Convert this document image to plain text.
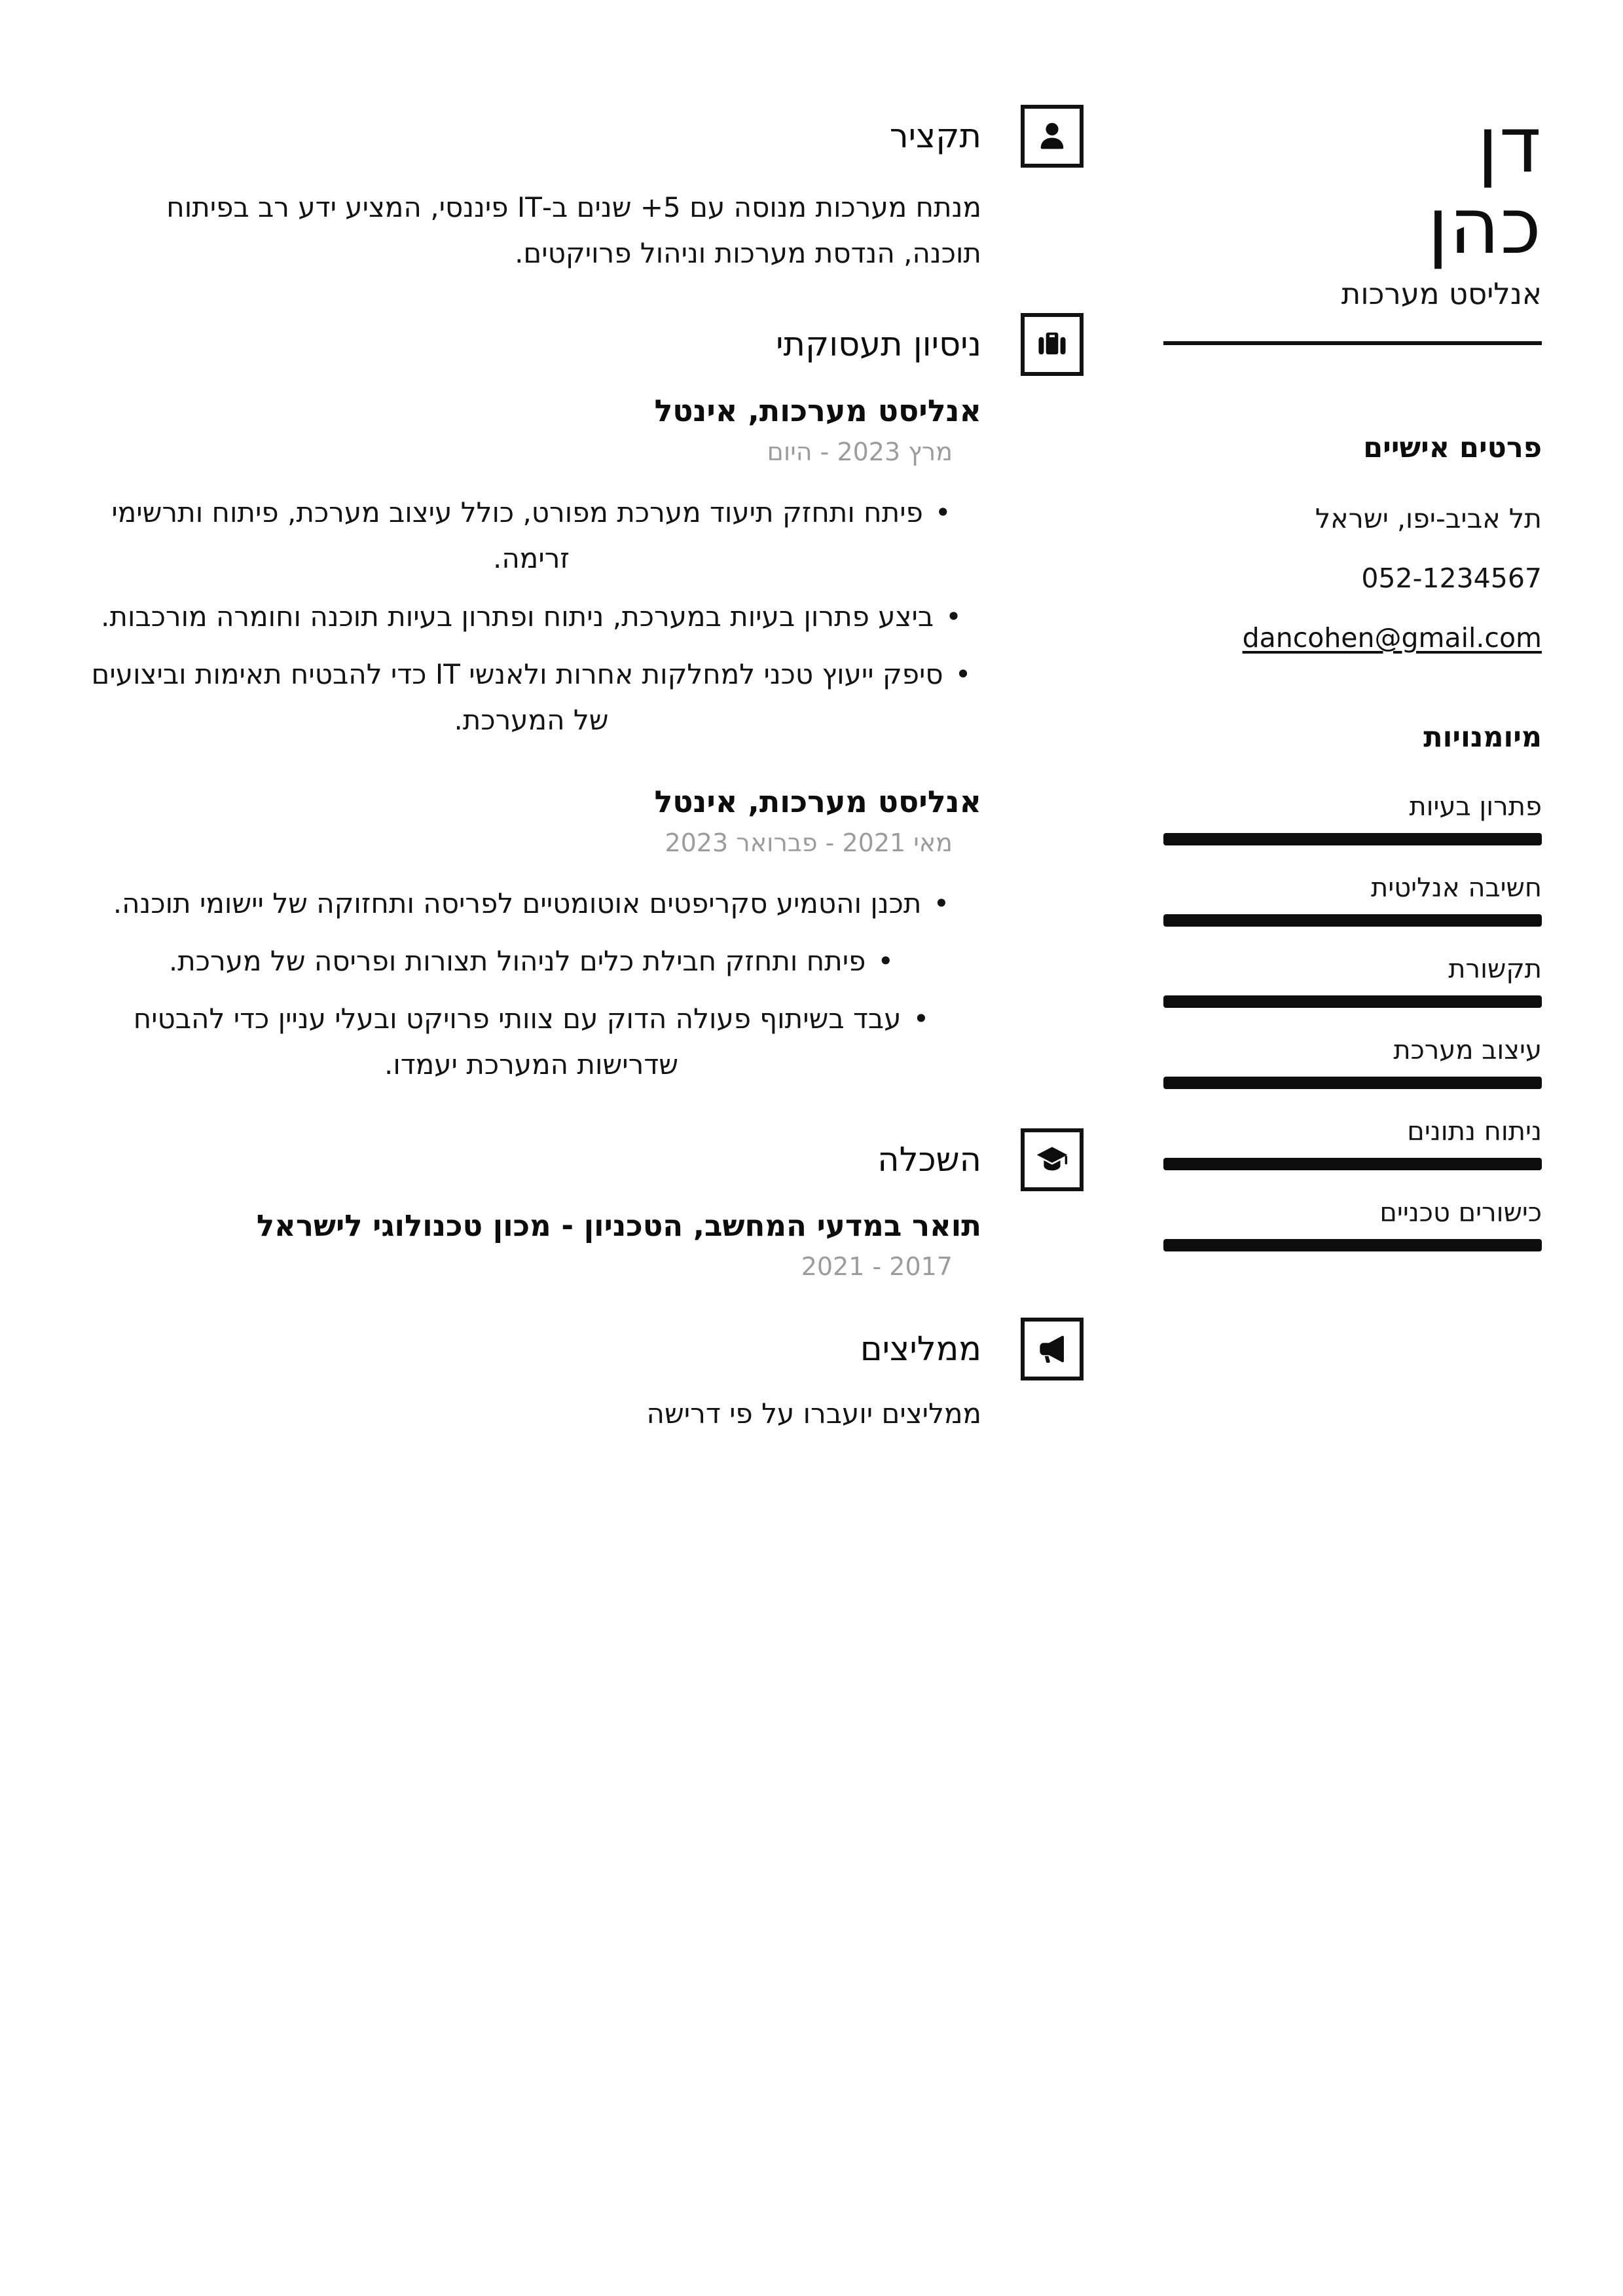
דן
כהן
אנליסט מערכות
פרטים אישיים
תל אביב-יפו, ישראל
052-1234567
dancohen@gmail.com
מיומנויות
פתרון בעיות
חשיבה אנליטית
תקשורת
עיצוב מערכת
ניתוח נתונים
כישורים טכניים
תקציר

מנתח מערכות מנוסה עם 5+ שנים ב-IT פיננסי, המציע ידע רב בפיתוח תוכנה, הנדסת מערכות וניהול פרויקטים.

ניסיון תעסוקתי
אנליסט מערכות, אינטל
מרץ 2023 - היום
•פיתח ותחזק תיעוד מערכת מפורט, כולל עיצוב מערכת, פיתוח ותרשימי זרימה.
•ביצע פתרון בעיות במערכת, ניתוח ופתרון בעיות תוכנה וחומרה מורכבות.
•סיפק ייעוץ טכני למחלקות אחרות ולאנשי IT כדי להבטיח תאימות וביצועים של המערכת.
אנליסט מערכות, אינטל
מאי 2021 - פברואר 2023
•תכנן והטמיע סקריפטים אוטומטיים לפריסה ותחזוקה של יישומי תוכנה.
•פיתח ותחזק חבילת כלים לניהול תצורות ופריסה של מערכת.
•עבד בשיתוף פעולה הדוק עם צוותי פרויקט ובעלי עניין כדי להבטיח שדרישות המערכת יעמדו.
השכלה
תואר במדעי המחשב, הטכניון - מכון טכנולוגי לישראל
2017 - 2021
ממליצים

ממליצים יועברו על פי דרישה
